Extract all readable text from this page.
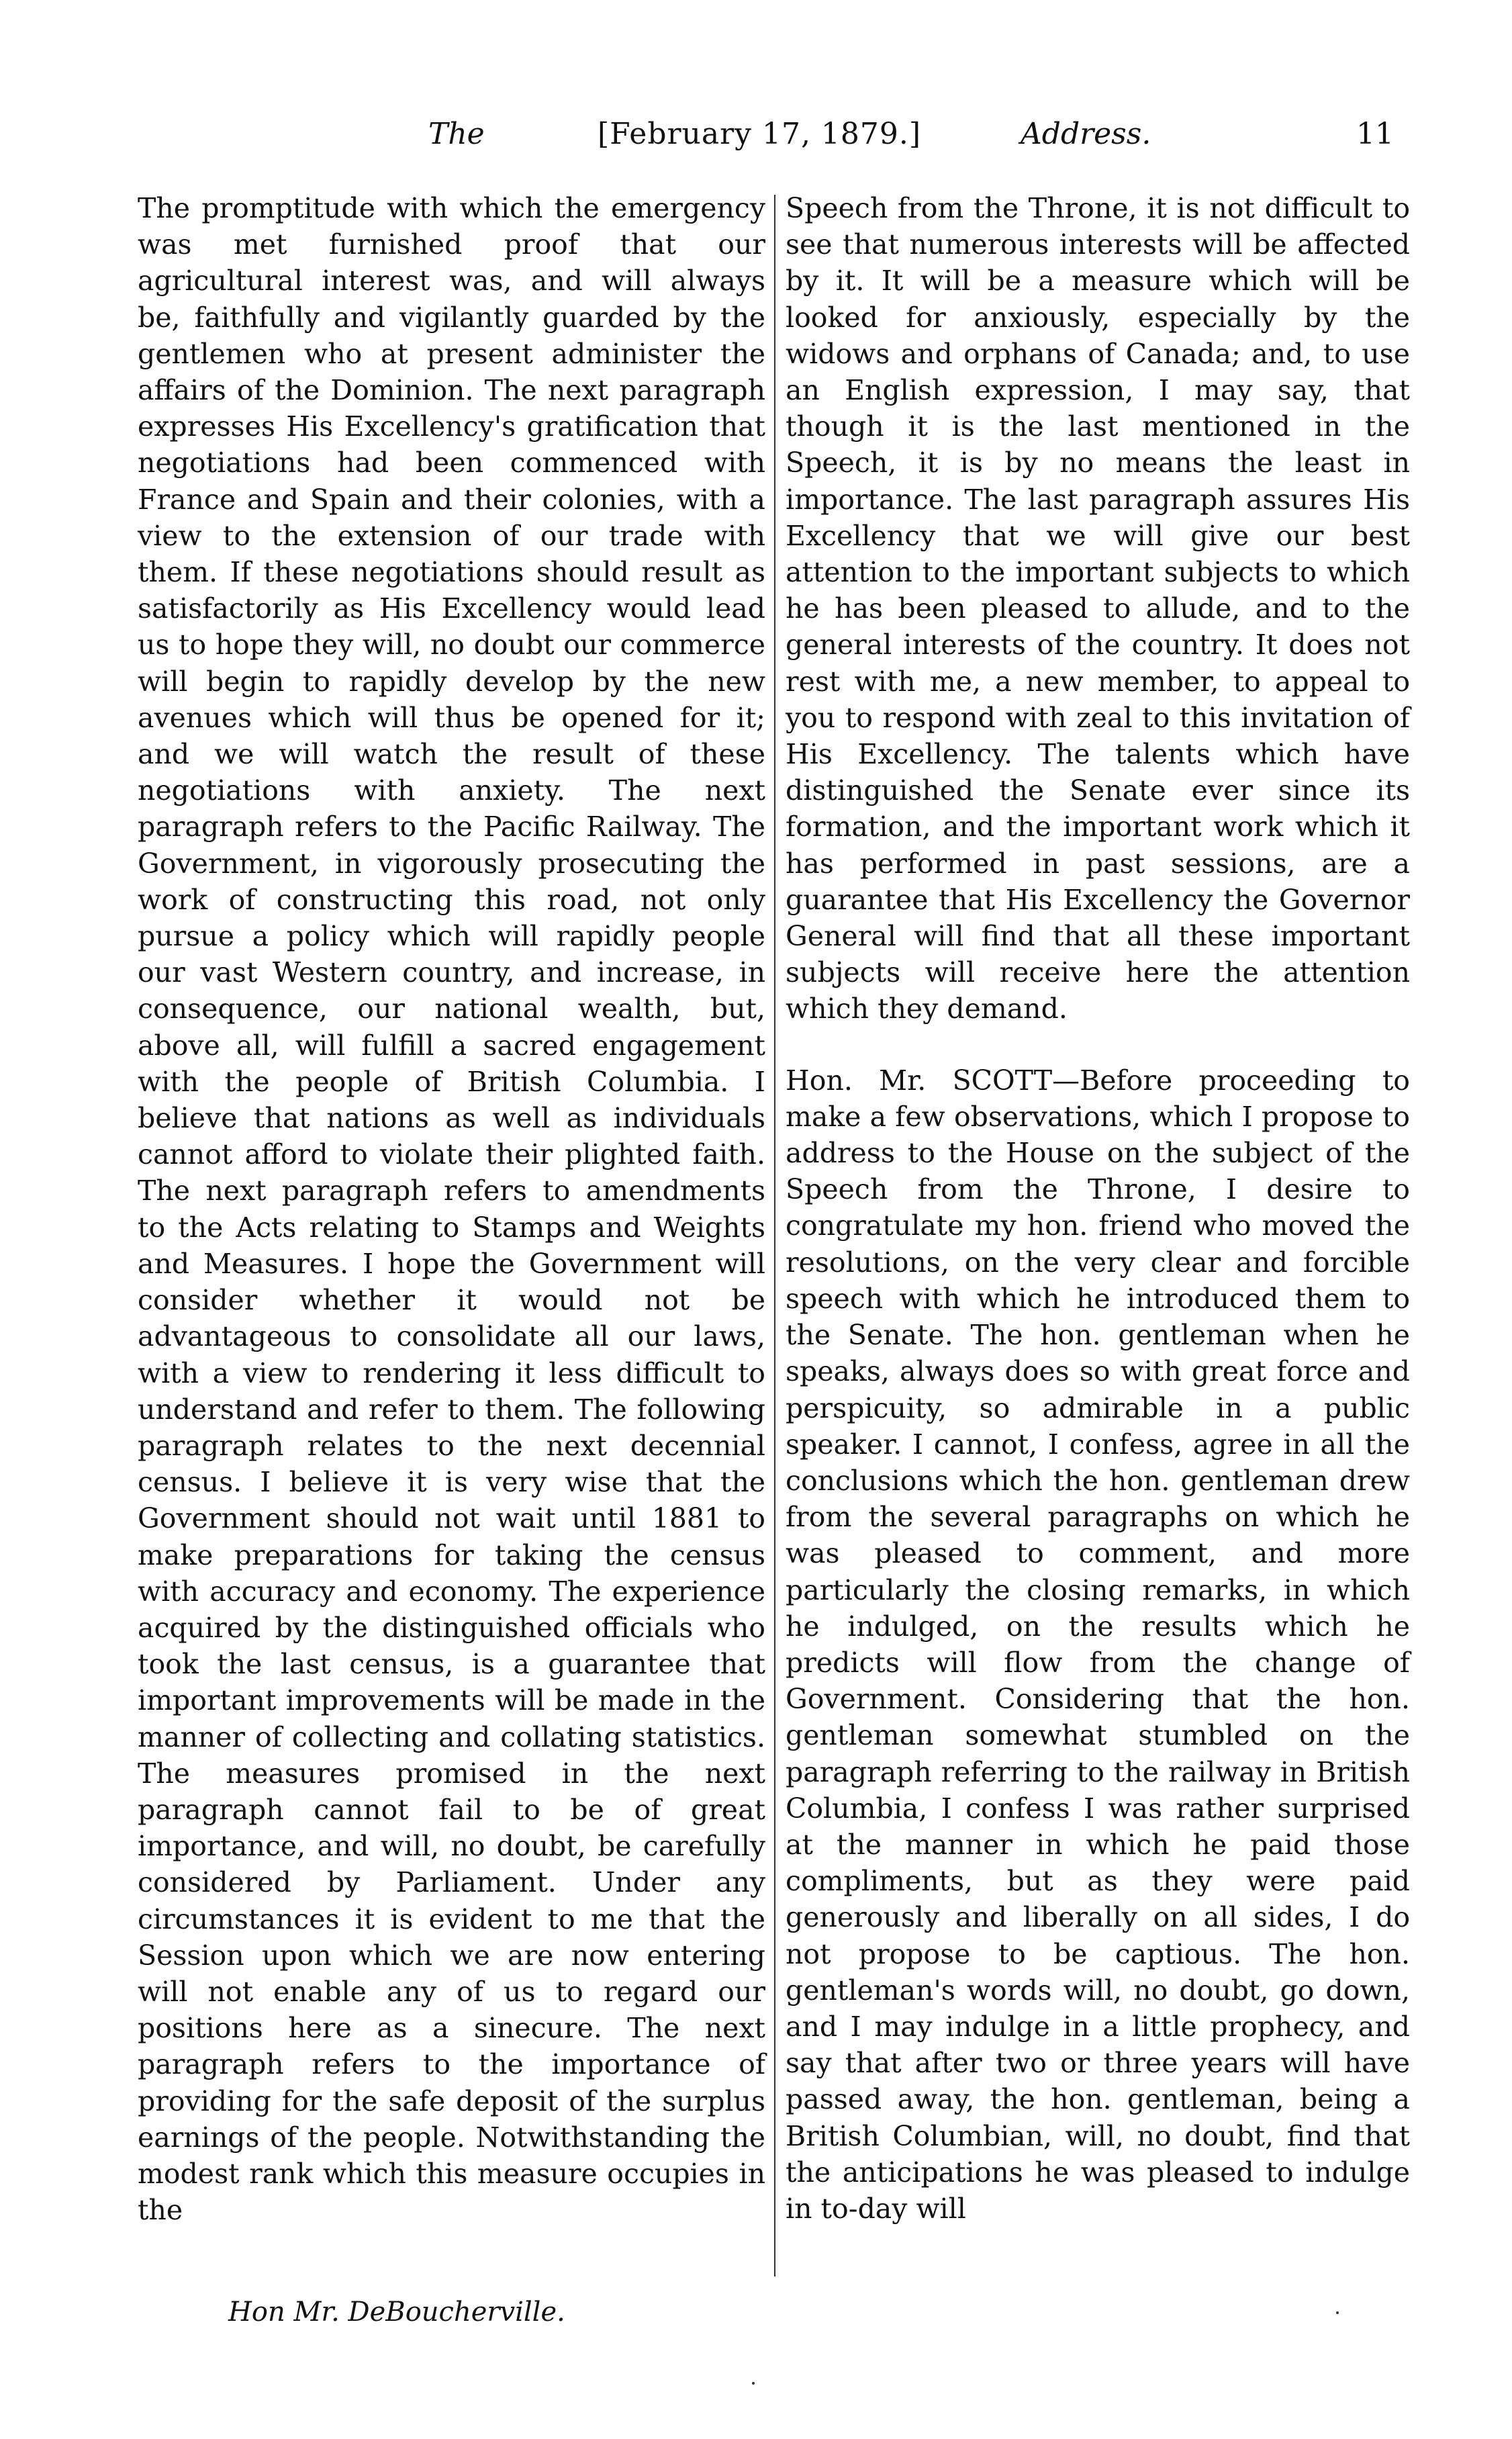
The	[February 17, 1879.]	Address.	11

The promptitude with which the emergency was met furnished proof that our agricultural interest was, and will always be, faithfully and vigilantly guarded by the gentlemen who at present administer the affairs of the Dominion. The next paragraph expresses His Excellency's gratification that negotiations had been commenced with France and Spain and their colonies, with a view to the extension of our trade with them. If these negotiations should result as satisfactorily as His Excellency would lead us to hope they will, no doubt our commerce will begin to rapidly develop by the new avenues which will thus be opened for it; and we will watch the result of these negotiations with anxiety. The next paragraph refers to the Pacific Railway. The Government, in vigorously prosecuting the work of constructing this road, not only pursue a policy which will rapidly people our vast Western country, and increase, in consequence, our national wealth, but, above all, will fulfill a sacred engagement with the people of British Columbia. I believe that nations as well as individuals cannot afford to violate their plighted faith. The next paragraph refers to amendments to the Acts relating to Stamps and Weights and Measures. I hope the Government will consider whether it would not be advantageous to consolidate all our laws, with a view to rendering it less difficult to understand and refer to them. The following paragraph relates to the next decennial census. I believe it is very wise that the Government should not wait until 1881 to make preparations for taking the census with accuracy and economy. The experience acquired by the distinguished officials who took the last census, is a guarantee that important improvements will be made in the manner of collecting and collating statistics. The measures promised in the next paragraph cannot fail to be of great importance, and will, no doubt, be carefully considered by Parliament. Under any circumstances it is evident to me that the Session upon which we are now entering will not enable any of us to regard our positions here as a sinecure. The next paragraph refers to the importance of providing for the safe deposit of the surplus earnings of the people. Notwithstanding the modest rank which this measure occupies in the

Speech from the Throne, it is not difficult to see that numerous interests will be affected by it. It will be a measure which will be looked for anxiously, especially by the widows and orphans of Canada; and, to use an English expression, I may say, that though it is the last mentioned in the Speech, it is by no means the least in importance. The last paragraph assures His Excellency that we will give our best attention to the important subjects to which he has been pleased to allude, and to the general interests of the country. It does not rest with me, a new member, to appeal to you to respond with zeal to this invitation of His Excellency. The talents which have distinguished the Senate ever since its formation, and the important work which it has performed in past sessions, are a guarantee that His Excellency the Governor General will find that all these important subjects will receive here the attention which they demand.

Hon. Mr. SCOTT—Before proceeding to make a few observations, which I propose to address to the House on the subject of the Speech from the Throne, I desire to congratulate my hon. friend who moved the resolutions, on the very clear and forcible speech with which he introduced them to the Senate. The hon. gentleman when he speaks, always does so with great force and perspicuity, so admirable in a public speaker. I cannot, I confess, agree in all the conclusions which the hon. gentleman drew from the several paragraphs on which he was pleased to comment, and more particularly the closing remarks, in which he indulged, on the results which he predicts will flow from the change of Government. Considering that the hon. gentleman somewhat stumbled on the paragraph referring to the railway in British Columbia, I confess I was rather surprised at the manner in which he paid those compliments, but as they were paid generously and liberally on all sides, I do not propose to be captious. The hon. gentleman's words will, no doubt, go down, and I may indulge in a little prophecy, and say that after two or three years will have passed away, the hon. gentleman, being a British Columbian, will, no doubt, find that the anticipations he was pleased to indulge in to-day will

Hon Mr. DeBoucherville.
